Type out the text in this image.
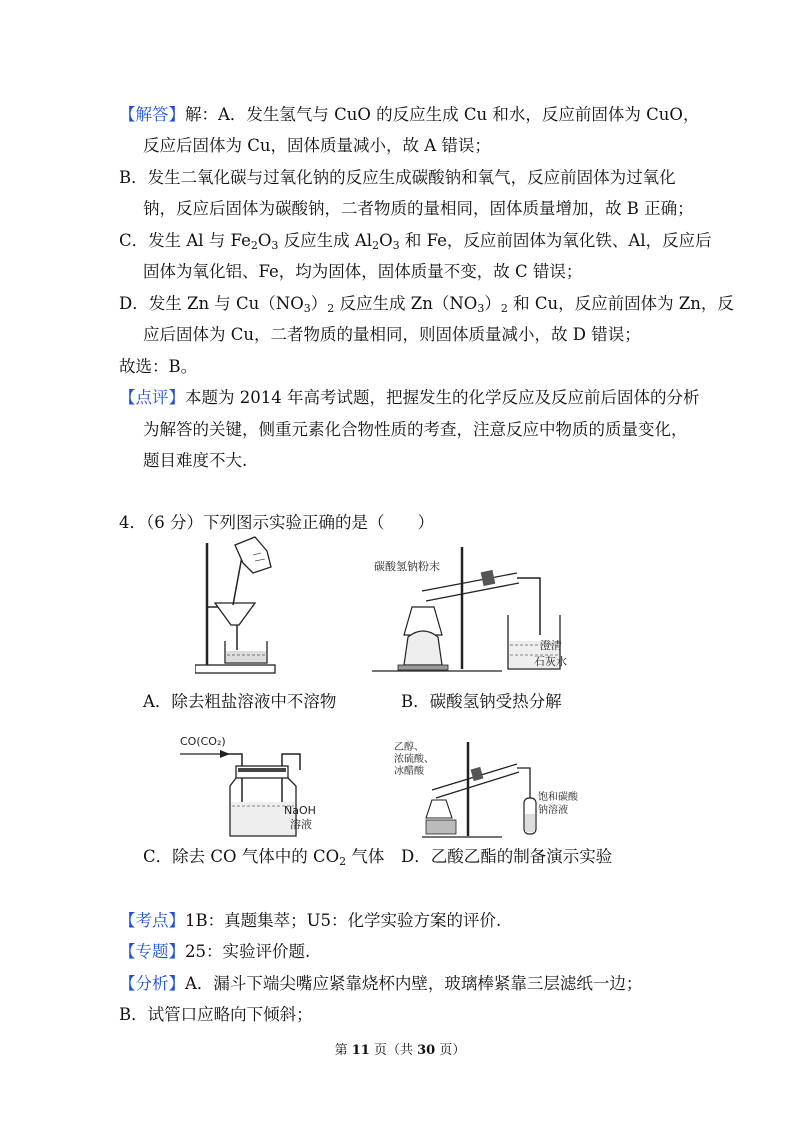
【解答】解：A．发生氢气与 CuO 的反应生成 Cu 和水，反应前固体为 CuO，
反应后固体为 Cu，固体质量减小，故 A 错误；
B．发生二氧化碳与过氧化钠的反应生成碳酸钠和氧气，反应前固体为过氧化
钠，反应后固体为碳酸钠，二者物质的量相同，固体质量增加，故 B 正确；
C．发生 Al 与 $Fe_2O_3$ 反应生成 $Al_2O_3$ 和 Fe，反应前固体为氧化铁、Al，反应后
固体为氧化铝、Fe，均为固体，固体质量不变，故 C 错误；
D．发生 Zn 与 $Cu(NO_3)_2$ 反应生成 $Zn(NO_3)_2$ 和 Cu，反应前固体为 Zn，反
应后固体为 Cu，二者物质的量相同，则固体质量减小，故 D 错误；
故选：B。
【点评】本题为 2014 年高考试题，把握发生的化学反应及反应前后固体的分析
为解答的关键，侧重元素化合物性质的考查，注意反应中物质的质量变化，
题目难度不大.
4．（6 分）下列图示实验正确的是（　　）
碳酸氢钠粉末
澄清
石灰水
A．除去粗盐溶液中不溶物	B．碳酸氢钠受热分解
CO(CO₂)
NaOH
溶液
乙醇、
浓硫酸、
冰醋酸
饱和碳酸
钠溶液
C．除去 CO 气体中的 $CO_2$ 气体 D．乙酸乙酯的制备演示实验
【考点】1B：真题集萃；U5：化学实验方案的评价.
【专题】25：实验评价题.
【分析】A．漏斗下端尖嘴应紧靠烧杯内壁，玻璃棒紧靠三层滤纸一边；
B．试管口应略向下倾斜；
第 11 页（共 30 页）
